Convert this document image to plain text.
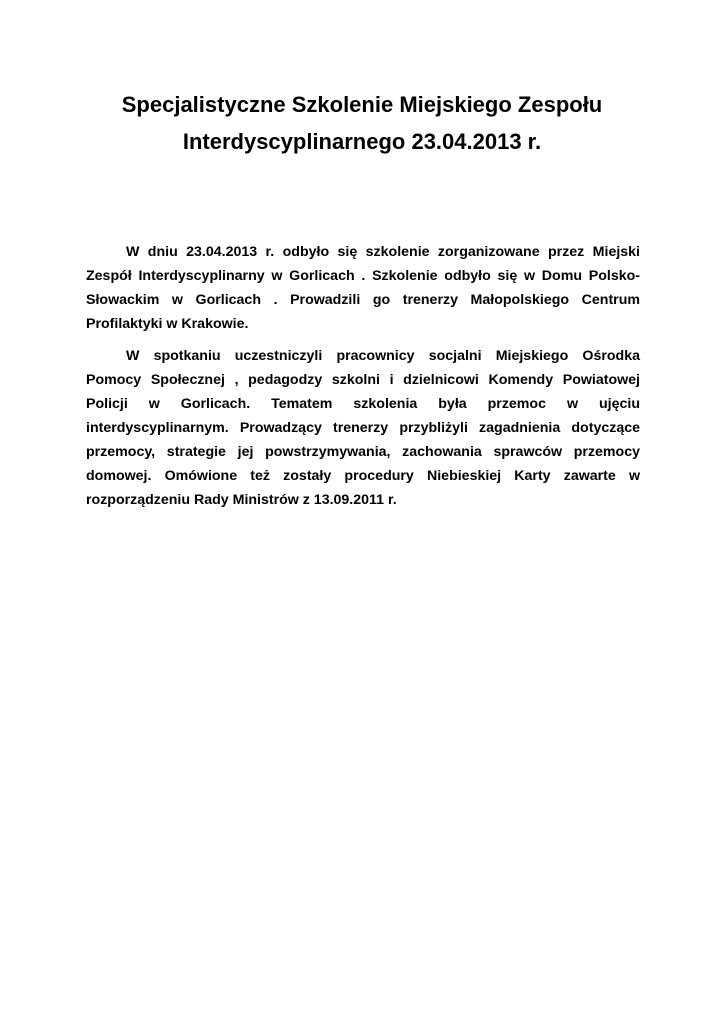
Specjalistyczne Szkolenie Miejskiego Zespołu
Interdyscyplinarnego 23.04.2013 r.

W dniu 23.04.2013 r. odbyło się szkolenie zorganizowane przez Miejski
Zespół Interdyscyplinarny w Gorlicach . Szkolenie odbyło się w Domu Polsko-
Słowackim w Gorlicach . Prowadzili go trenerzy Małopolskiego Centrum
Profilaktyki w Krakowie.

W spotkaniu uczestniczyli pracownicy socjalni Miejskiego Ośrodka
Pomocy Społecznej , pedagodzy szkolni i dzielnicowi Komendy Powiatowej
Policji w Gorlicach. Tematem szkolenia była przemoc w ujęciu
interdyscyplinarnym. Prowadzący trenerzy przybliżyli zagadnienia dotyczące
przemocy, strategie jej powstrzymywania, zachowania sprawców przemocy
domowej. Omówione też zostały procedury Niebieskiej Karty zawarte w
rozporządzeniu Rady Ministrów z 13.09.2011 r.
